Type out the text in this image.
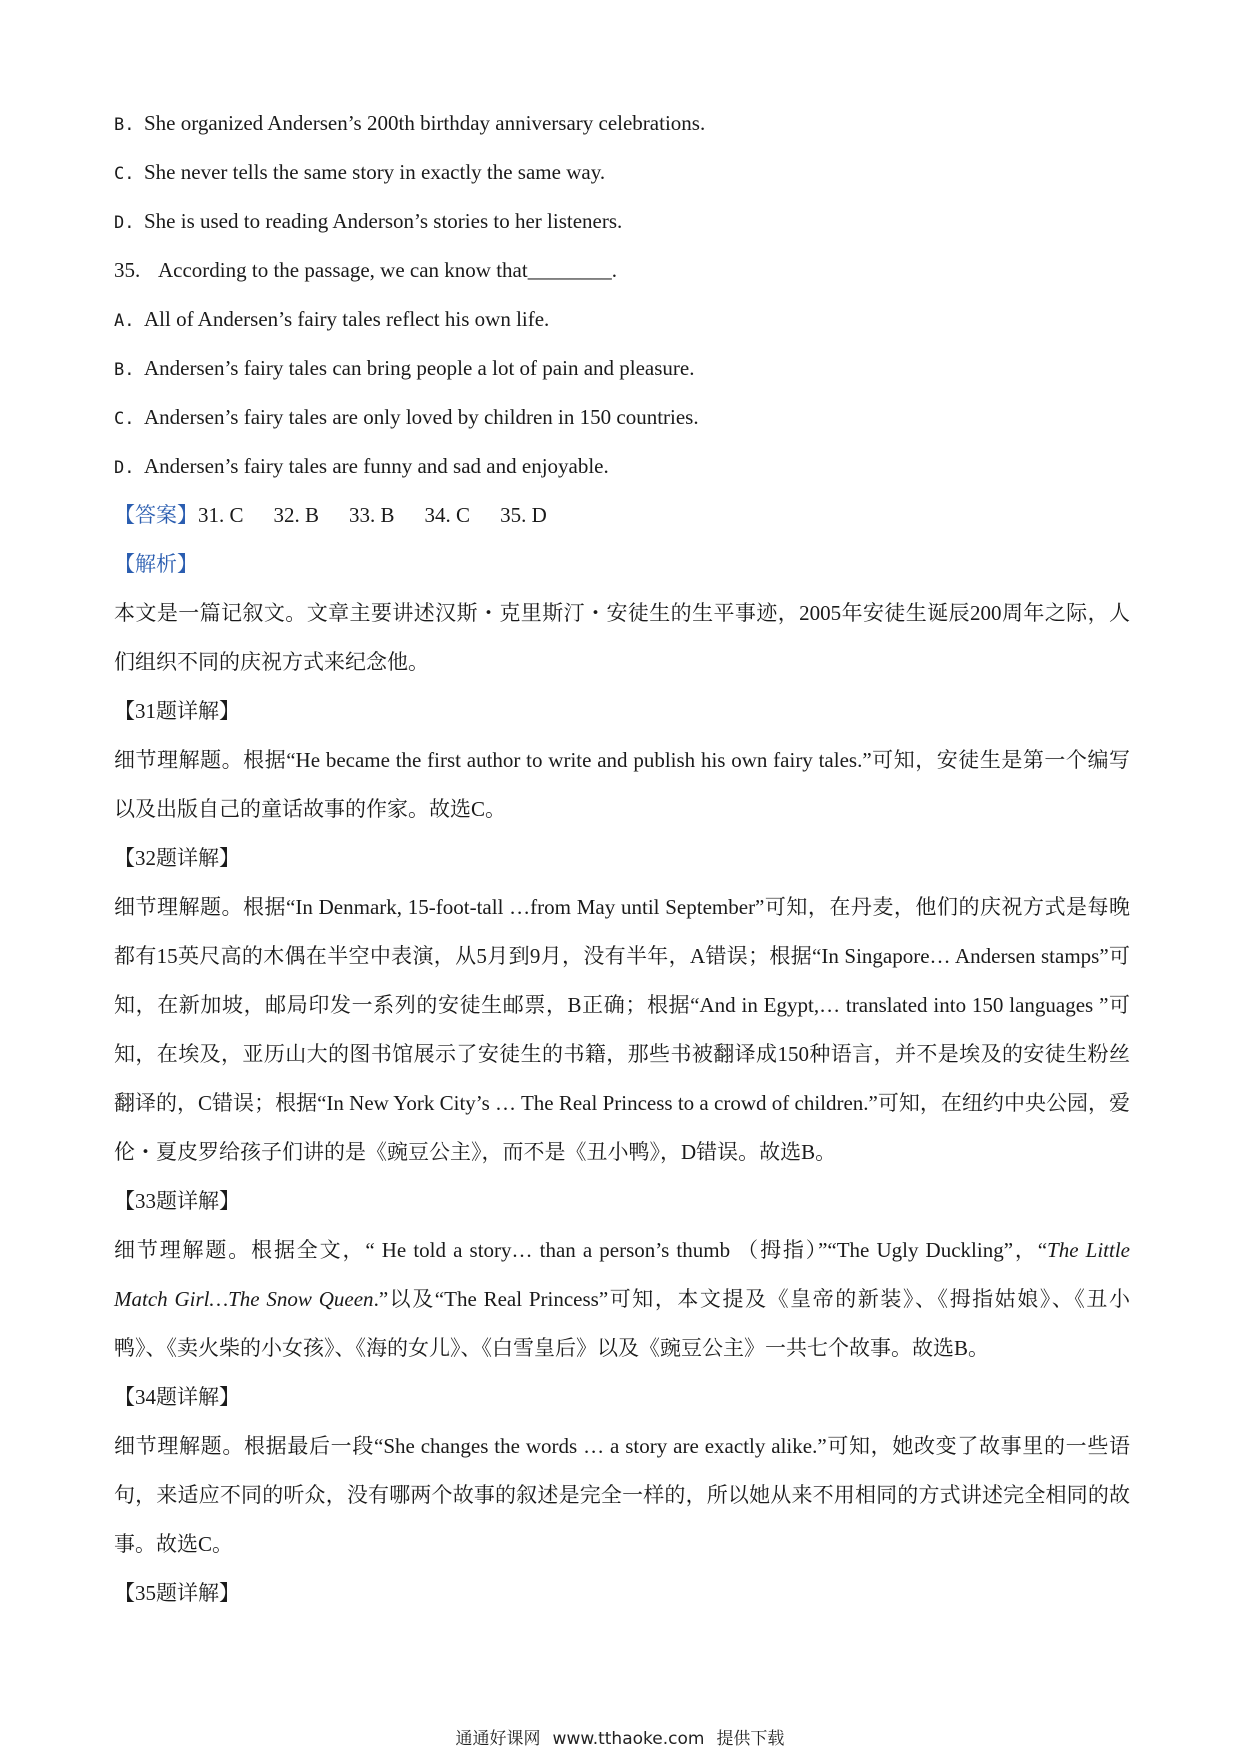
B. She organized Andersen’s 200th birthday anniversary celebrations.
C. She never tells the same story in exactly the same way.
D. She is used to reading Anderson’s stories to her listeners.
35. According to the passage, we can know that________.
A. All of Andersen’s fairy tales reflect his own life.
B. Andersen’s fairy tales can bring people a lot of pain and pleasure.
C. Andersen’s fairy tales are only loved by children in 150 countries.
D. Andersen’s fairy tales are funny and sad and enjoyable.
【答案】31. C 32. B 33. B 34. C 35. D
【解析】
本文是一篇记叙文。文章主要讲述汉斯・克里斯汀・安徒生的生平事迹，2005年安徒生诞辰200周年之际，人们组织不同的庆祝方式来纪念他。
【31题详解】
细节理解题。根据“He became the first author to write and publish his own fairy tales.”可知，安徒生是第一个编写以及出版自己的童话故事的作家。故选C。
【32题详解】
细节理解题。根据“In Denmark, 15-foot-tall …from May until September”可知，在丹麦，他们的庆祝方式是每晚都有15英尺高的木偶在半空中表演，从5月到9月，没有半年，A错误；根据“In Singapore… Andersen stamps”可知，在新加坡，邮局印发一系列的安徒生邮票，B正确；根据“And in Egypt,… translated into 150 languages ”可知，在埃及，亚历山大的图书馆展示了安徒生的书籍，那些书被翻译成150种语言，并不是埃及的安徒生粉丝翻译的，C错误；根据“In New York City’s … The Real Princess to a crowd of children.”可知，在纽约中央公园，爱伦・夏皮罗给孩子们讲的是《豌豆公主》，而不是《丑小鸭》，D错误。故选B。
【33题详解】
细节理解题。根据全文，“ He told a story… than a person’s thumb （拇指）”“The Ugly Duckling”，“The Little Match Girl…The Snow Queen.”以及“The Real Princess”可知，本文提及《皇帝的新装》、《拇指姑娘》、《丑小鸭》、《卖火柴的小女孩》、《海的女儿》、《白雪皇后》以及《豌豆公主》一共七个故事。故选B。
【34题详解】
细节理解题。根据最后一段“She changes the words … a story are exactly alike.”可知，她改变了故事里的一些语句，来适应不同的听众，没有哪两个故事的叙述是完全一样的，所以她从来不用相同的方式讲述完全相同的故事。故选C。
【35题详解】
通通好课网 www.tthaoke.com 提供下载
